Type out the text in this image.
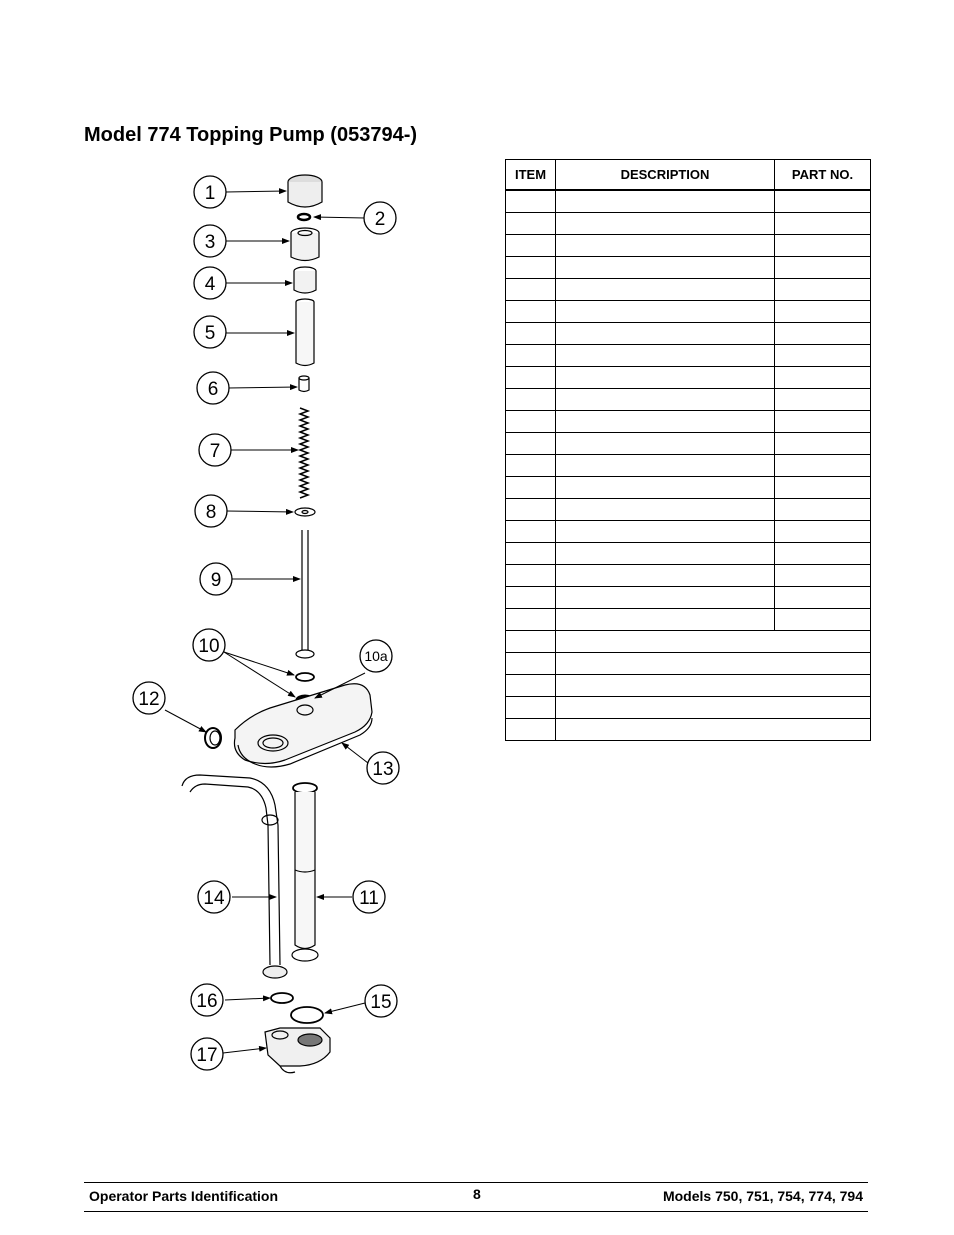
Model 774 Topping Pump (053794-)
1
2
3
4
5
6
7
8
9
10	10a
11
12
13
14
15
16
17
ITEM	DESCRIPTION	PART NO.

Operator Parts Identification	8	Models 750, 751, 754, 774, 794
